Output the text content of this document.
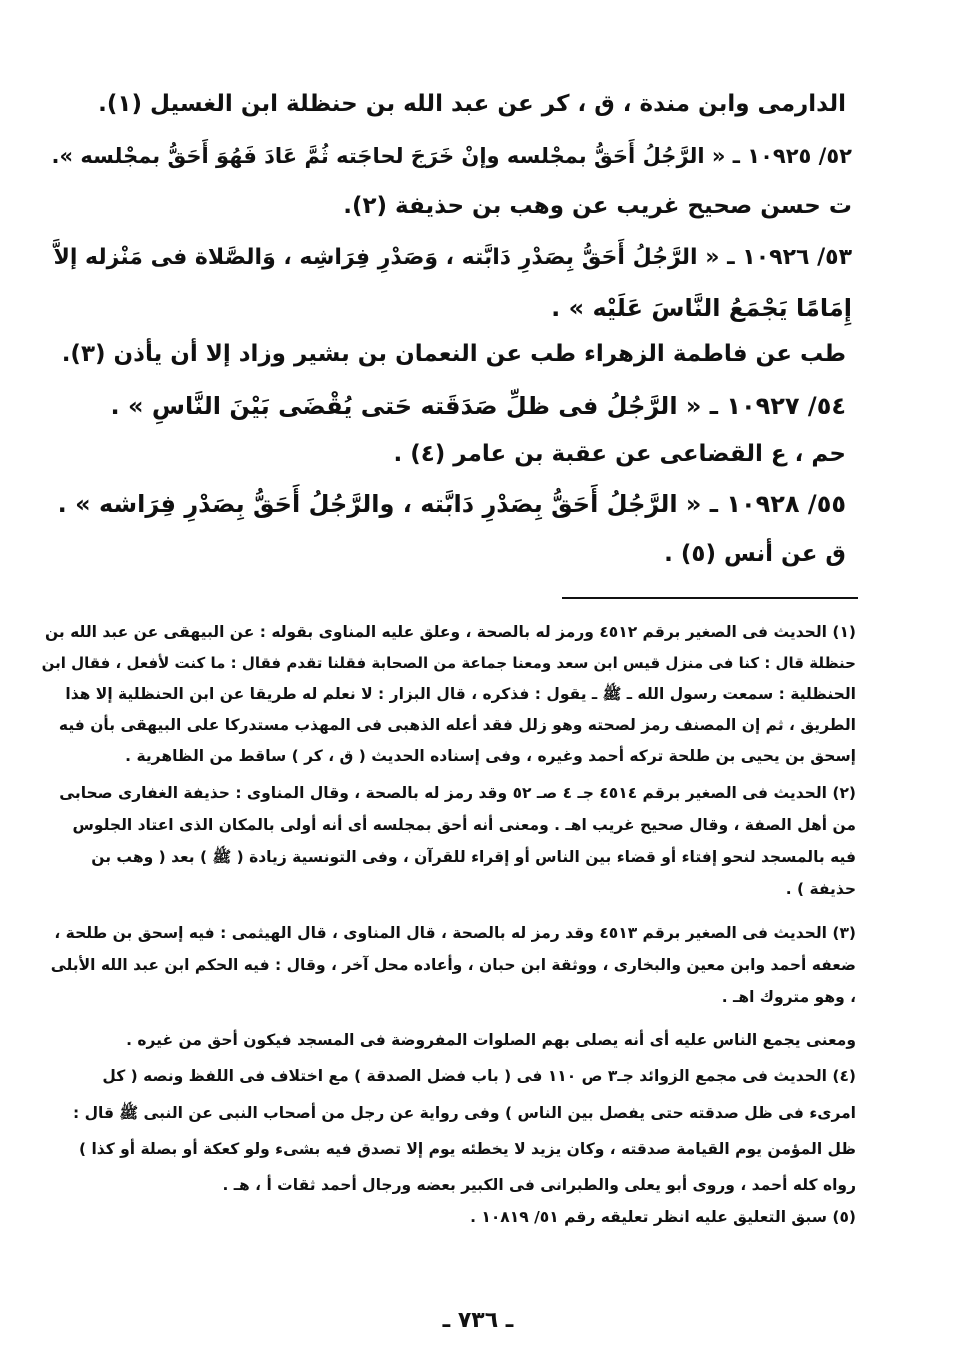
الدارمى وابن مندة ، ق ، كر عن عبد الله بن حنظلة ابن الغسيل (١).
٥٢/ ١٠٩٢٥ ـ « الرَّجُلُ أَحَقُّ بمجْلسه وإنْ خَرَجَ لحاجَته ثُمَّ عَادَ فَهُوَ أَحَقُّ بمجْلسه ».
ت حسن صحيح غريب عن وهب بن حذيفة (٢).
٥٣/ ١٠٩٢٦ ـ « الرَّجُلُ أَحَقُّ بِصَدْرِ دَابَّته ، وَصَدْرِ فِرَاشِه ، وَالصَّلاة فى مَنْزله إلاَّ
إِمَامًا يَجْمَعُ النَّاسَ عَلَيْه » .
طب عن فاطمة الزهراء طب عن النعمان بن بشير وزاد إلا أن يأذن (٣).
٥٤/ ١٠٩٢٧ ـ « الرَّجُلُ فى ظلِّ صَدَقَته حَتى يُقْضَى بَيْنَ النَّاسِ » .
حم ، ع القضاعى عن عقبة بن عامر (٤) .
٥٥/ ١٠٩٢٨ ـ « الرَّجُلُ أَحَقُّ بِصَدْرِ دَابَّته ، والرَّجُلُ أَحَقُّ بِصَدْرِ فِرَاشه » .
ق عن أنس (٥) .
(١) الحديث فى الصغير برقم ٤٥١٢ ورمز له بالصحة ، وعلق عليه المناوى بقوله : عن البيهقى عن عبد الله بن
حنظلة قال : كنا فى منزل قيس ابن سعد ومعنا جماعة من الصحابة فقلنا تقدم فقال : ما كنت لأفعل ، فقال ابن
الحنظلية : سمعت رسول الله ـ ﷺ ـ يقول : فذكره ، قال البزار : لا نعلم له طريقا عن ابن الحنظلية إلا هذا
الطريق ، ثم إن المصنف رمز لصحته وهو زلل فقد أعله الذهبى فى المهذب مستدركا على البيهقى بأن فيه
إسحق بن يحيى بن طلحة تركه أحمد وغيره ، وفى إسناده الحديث ( ق ، كر ) ساقط من الظاهرية .
(٢) الحديث فى الصغير برقم ٤٥١٤ جـ ٤ صـ ٥٢ وقد رمز له بالصحة ، وقال المناوى : حذيفة الغفارى صحابى
من أهل الصفة ، وقال صحيح غريب اهـ . ومعنى أنه أحق بمجلسه أى أنه أولى بالمكان الذى اعتاد الجلوس
فيه بالمسجد لنحو إفتاء أو قضاء بين الناس أو إقراء للقرآن ، وفى التونسية زيادة ( ﷺ ) بعد ( وهب بن
حذيفة ) .
(٣) الحديث فى الصغير برقم ٤٥١٣ وقد رمز له بالصحة ، قال المناوى ، قال الهيثمى : فيه إسحق بن طلحة ،
ضعفه أحمد وابن معين والبخارى ، ووثقة ابن حبان ، وأعاده محل آخر ، وقال : فيه الحكم ابن عبد الله الأبلى
، وهو متروك اهـ .
ومعنى يجمع الناس عليه أى أنه يصلى بهم الصلوات المفروضة فى المسجد فيكون أحق من غيره .
(٤) الحديث فى مجمع الزوائد جـ٣ ص ١١٠ فى ( باب فضل الصدقة ) مع اختلاف فى اللفظ ونصه ( كل
امرىء فى ظل صدقته حتى يفصل بين الناس ) وفى رواية عن رجل من أصحاب النبى عن النبى ﷺ قال :
ظل المؤمن يوم القيامة صدقته ، وكان يزيد لا يخطئه يوم إلا تصدق فيه بشىء ولو كعكة أو بصلة أو كذا )
رواه كله أحمد ، وروى أبو يعلى والطبرانى فى الكبير بعضه ورجال أحمد ثقات أ ، هـ .
(٥) سبق التعليق عليه انظر تعليقه رقم ٥١/ ١٠٨١٩ .
ـ ٧٣٦ ـ
